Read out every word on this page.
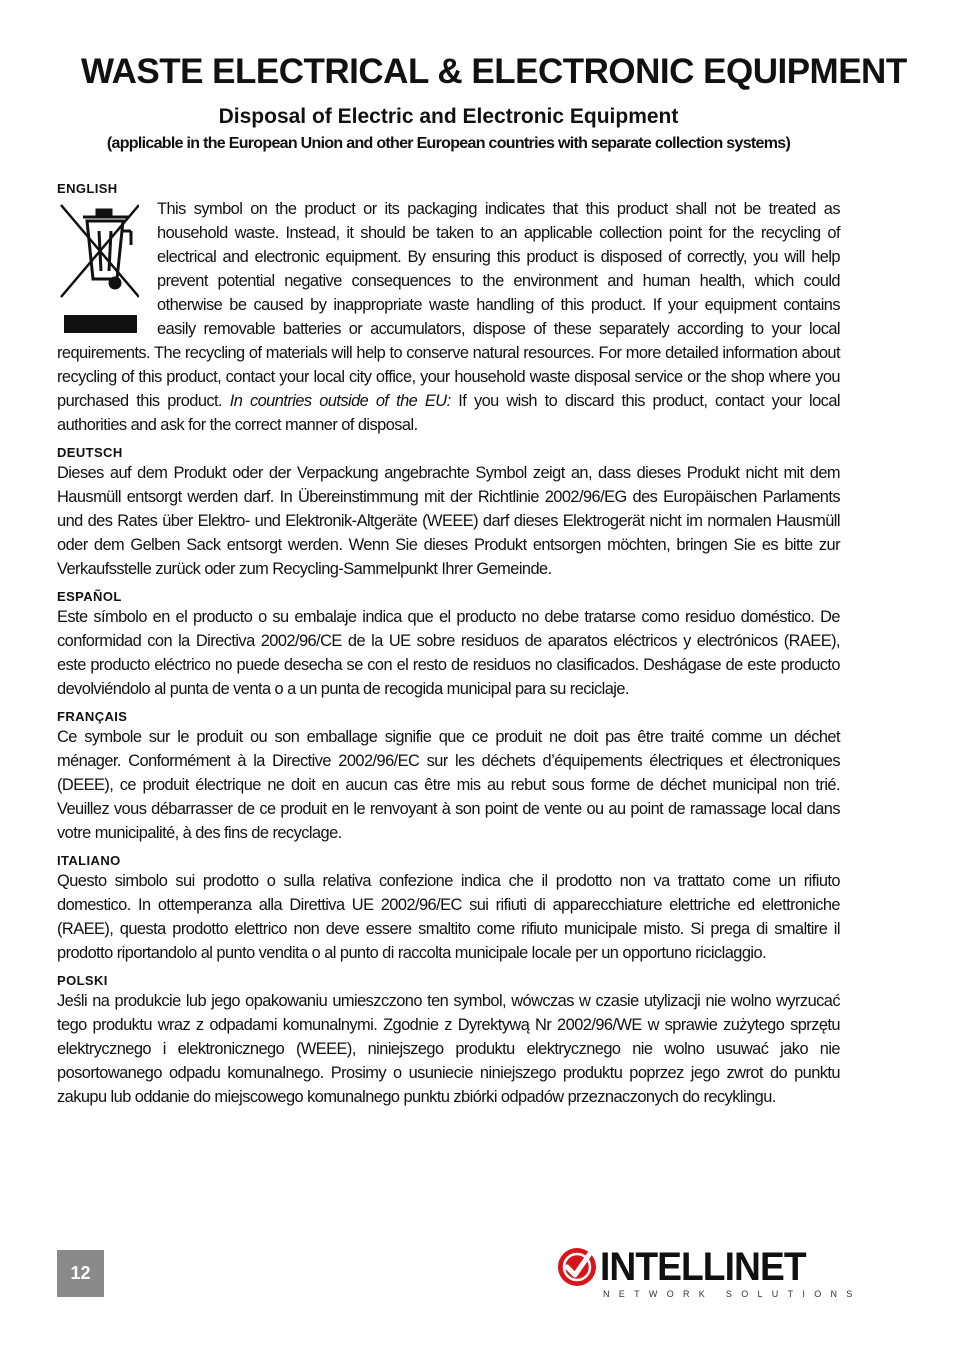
WASTE ELECTRICAL & ELECTRONIC EQUIPMENT
Disposal of Electric and Electronic Equipment
(applicable in the European Union and other European countries with separate collection systems)
ENGLISH

This symbol on the product or its packaging indicates that this product shall not be treated as household waste. Instead, it should be taken to an applicable collection point for the recycling of electrical and electronic equipment. By ensuring this product is disposed of correctly, you will help prevent potential negative consequences to the environment and human health, which could otherwise be caused by inappropriate waste handling of this product. If your equipment contains easily removable batteries or accumulators, dispose of these separately according to your local requirements. The recycling of materials will help to conserve natural resources. For more detailed information about recycling of this product, contact your local city office, your household waste disposal service or the shop where you purchased this product. In countries outside of the EU: If you wish to discard this product, contact your local authorities and ask for the correct manner of disposal.

DEUTSCH

Dieses auf dem Produkt oder der Verpackung angebrachte Symbol zeigt an, dass dieses Produkt nicht mit dem Hausmüll entsorgt werden darf. In Übereinstimmung mit der Richtlinie 2002/96/EG des Europäischen Parlaments und des Rates über Elektro- und Elektronik-Altgeräte (WEEE) darf dieses Elektrogerät nicht im normalen Hausmüll oder dem Gelben Sack entsorgt werden. Wenn Sie dieses Produkt entsorgen möchten, bringen Sie es bitte zur Verkaufsstelle zurück oder zum Recycling-Sammelpunkt Ihrer Gemeinde.

ESPAÑOL

Este símbolo en el producto o su embalaje indica que el producto no debe tratarse como residuo doméstico. De conformidad con la Directiva 2002/96/CE de la UE sobre residuos de aparatos eléctricos y electrónicos (RAEE), este producto eléctrico no puede desecha se con el resto de residuos no clasificados. Deshágase de este producto devolviéndolo al punta de venta o a un punta de recogida municipal para su reciclaje.

FRANÇAIS

Ce symbole sur le produit ou son emballage signifie que ce produit ne doit pas être traité comme un déchet ménager. Conformément à la Directive 2002/96/EC sur les déchets d’équipements électriques et électroniques (DEEE), ce produit électrique ne doit en aucun cas être mis au rebut sous forme de déchet municipal non trié. Veuillez vous débarrasser de ce produit en le renvoyant à son point de vente ou au point de ramassage local dans votre municipalité, à des fins de recyclage.

ITALIANO

Questo simbolo sui prodotto o sulla relativa confezione indica che il prodotto non va trattato come un rifiuto domestico. In ottemperanza alla Direttiva UE 2002/96/EC sui rifiuti di apparecchiature elettriche ed elettroniche (RAEE), questa prodotto elettrico non deve essere smaltito come rifiuto municipale misto. Si prega di smaltire il prodotto riportandolo al punto vendita o al punto di raccolta municipale locale per un opportuno riciclaggio.

POLSKI

Jeśli na produkcie lub jego opakowaniu umieszczono ten symbol, wówczas w czasie utylizacji nie wolno wyrzucać tego produktu wraz z odpadami komunalnymi. Zgodnie z Dyrektywą Nr 2002/96/WE w sprawie zużytego sprzętu elektrycznego i elektronicznego (WEEE), niniejszego produktu elektrycznego nie wolno usuwać jako nie posortowanego odpadu komunalnego. Prosimy o usuniecie niniejszego produktu poprzez jego zwrot do punktu zakupu lub oddanie do miejscowego komunalnego punktu zbiórki odpadów przeznaczonych do recyklingu.

12	INTELLINET
NETWORK SOLUTIONS
